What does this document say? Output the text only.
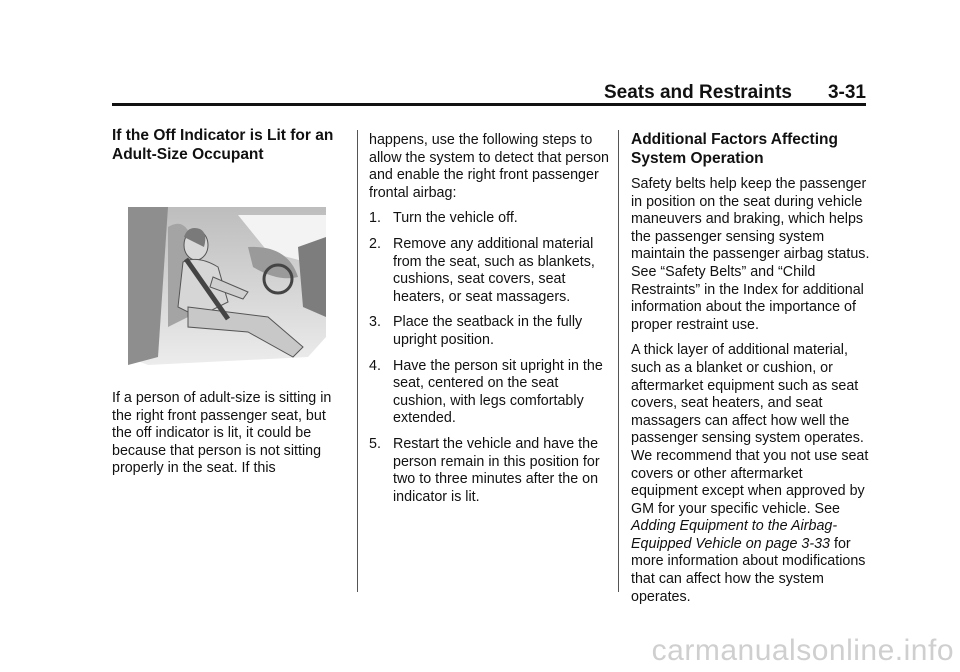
Seats and Restraints 3-31
If the Off Indicator is Lit for an
Adult-Size Occupant

If a person of adult-size is sitting in the right front passenger seat, but the off indicator is lit, it could be because that person is not sitting properly in the seat. If this

happens, use the following steps to allow the system to detect that person and enable the right front passenger frontal airbag:

1. Turn the vehicle off.
2. Remove any additional material from the seat, such as blankets, cushions, seat covers, seat heaters, or seat massagers.
3. Place the seatback in the fully upright position.
4. Have the person sit upright in the seat, centered on the seat cushion, with legs comfortably extended.
5. Restart the vehicle and have the person remain in this position for two to three minutes after the on indicator is lit.
Additional Factors Affecting
System Operation

Safety belts help keep the passenger in position on the seat during vehicle maneuvers and braking, which helps the passenger sensing system maintain the passenger airbag status. See “Safety Belts” and “Child Restraints” in the Index for additional information about the importance of proper restraint use.

A thick layer of additional material, such as a blanket or cushion, or aftermarket equipment such as seat covers, seat heaters, and seat massagers can affect how well the passenger sensing system operates. We recommend that you not use seat covers or other aftermarket equipment except when approved by GM for your specific vehicle. See Adding Equipment to the Airbag-Equipped Vehicle on page 3-33 for more information about modifications that can affect how the system operates.

carmanualsonline.info
